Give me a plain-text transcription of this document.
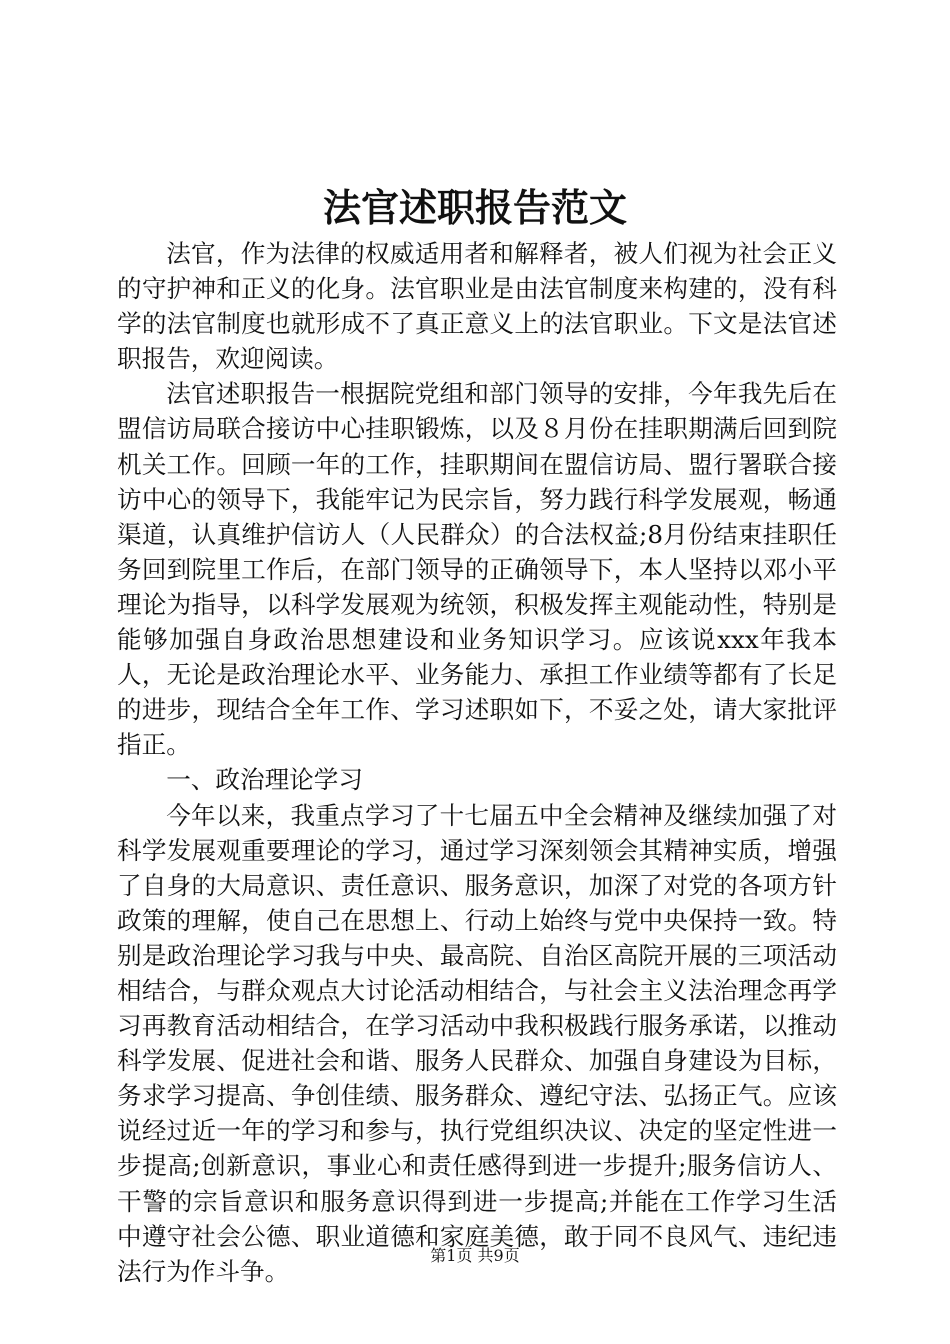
法官述职报告范文

法官，作为法律的权威适用者和解释者，被人们视为社会正义的守护神和正义的化身。法官职业是由法官制度来构建的，没有科学的法官制度也就形成不了真正意义上的法官职业。下文是法官述职报告，欢迎阅读。

法官述职报告一根据院党组和部门领导的安排，今年我先后在盟信访局联合接访中心挂职锻炼，以及８月份在挂职期满后回到院机关工作。回顾一年的工作，挂职期间在盟信访局、盟行署联合接访中心的领导下，我能牢记为民宗旨，努力践行科学发展观，畅通渠道，认真维护信访人（人民群众）的合法权益;8月份结束挂职任务回到院里工作后，在部门领导的正确领导下，本人坚持以邓小平理论为指导，以科学发展观为统领，积极发挥主观能动性，特别是能够加强自身政治思想建设和业务知识学习。应该说xxx年我本人，无论是政治理论水平、业务能力、承担工作业绩等都有了长足的进步，现结合全年工作、学习述职如下，不妥之处，请大家批评指正。

一、政治理论学习

今年以来，我重点学习了十七届五中全会精神及继续加强了对科学发展观重要理论的学习，通过学习深刻领会其精神实质，增强了自身的大局意识、责任意识、服务意识，加深了对党的各项方针政策的理解，使自己在思想上、行动上始终与党中央保持一致。特别是政治理论学习我与中央、最高院、自治区高院开展的三项活动相结合，与群众观点大讨论活动相结合，与社会主义法治理念再学习再教育活动相结合，在学习活动中我积极践行服务承诺，以推动科学发展、促进社会和谐、服务人民群众、加强自身建设为目标，务求学习提高、争创佳绩、服务群众、遵纪守法、弘扬正气。应该说经过近一年的学习和参与，执行党组织决议、决定的坚定性进一步提高;创新意识，事业心和责任感得到进一步提升;服务信访人、干警的宗旨意识和服务意识得到进一步提高;并能在工作学习生活中遵守社会公德、职业道德和家庭美德，敢于同不良风气、违纪违法行为作斗争。

第1页 共9页
